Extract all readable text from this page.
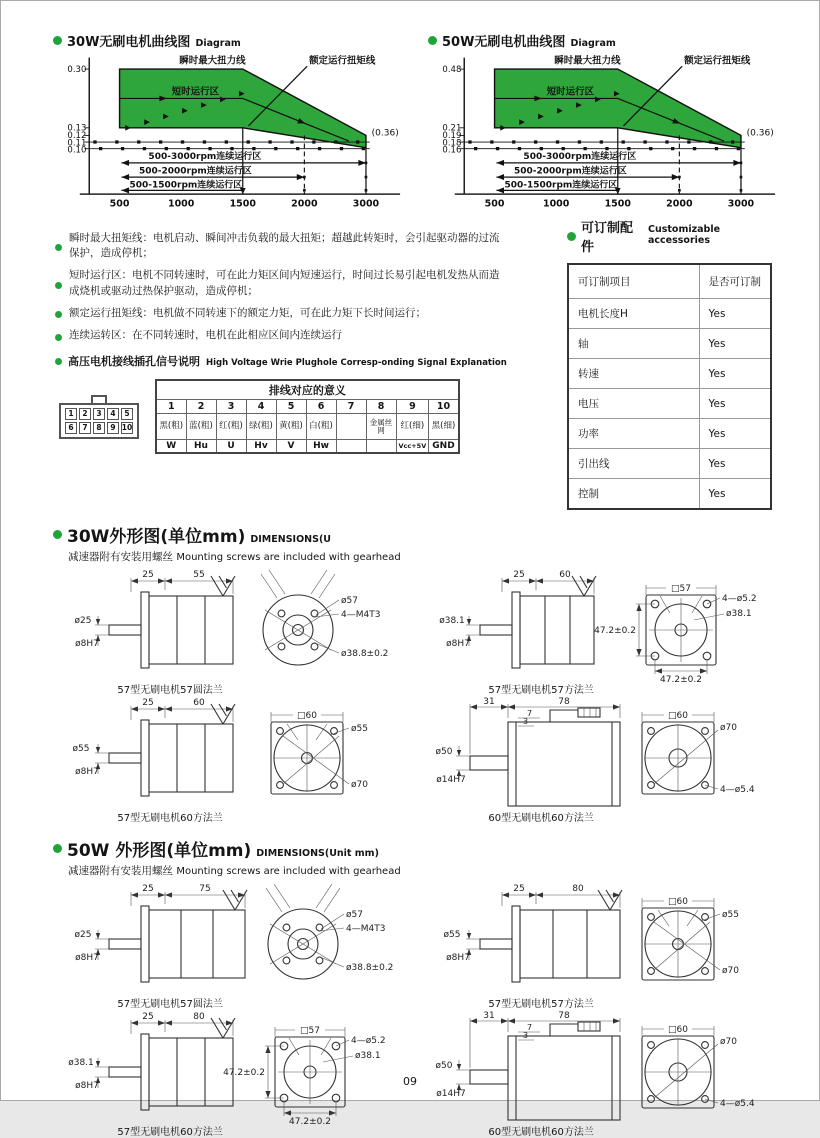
30W无刷电机曲线图 Diagram
0.30
0.13
0.12
0.11
0.10
500	1000	1500	2000	3000
瞬时最大扭力线	额定运行扭矩线
短时运行区
(0.36)
500-3000rpm连续运行区
500-2000rpm连续运行区
500-1500rpm连续运行区
50W无刷电机曲线图 Diagram
0.48
0.21
0.19
0.18
0.16
500	1000	1500	2000	3000
瞬时最大扭力线	额定运行扭矩线
短时运行区
(0.36)
500-3000rpm连续运行区
500-2000rpm连续运行区
500-1500rpm连续运行区
瞬时最大扭矩线：电机启动、瞬间冲击负载的最大扭矩；超越此转矩时，会引起驱动器的过流保护，造成停机；
短时运行区：电机不同转速时，可在此力矩区间内短速运行，时间过长易引起电机发热从而造成烧机或驱动过热保护驱动，造成停机；
额定运行扭矩线：电机做不同转速下的额定力矩，可在此力矩下长时间运行；
连续运转区：在不同转速时，电机在此相应区间内连续运行
高压电机接线插孔信号说明 High Voltage Wrie Plughole Corresp-onding Signal Explanation
1	2	3	4	5
6	7	8	9 10
排线对应的意义									
1	2	3	4	5	6	7	8	9	10
黑(粗)	蓝(粗)	红(粗)	绿(粗)	黄(粗)	白(粗)		金属丝网	红(细)	黑(细)
W	Hu	U	Hv	V	Hw			Vcc+5V	GND
可订制配件
Customizable accessories
可订制项目	是否可订制
电机长度H	Yes
轴	Yes
转速	Yes
电压	Yes
功率	Yes
引出线	Yes
控制	Yes
30W外形图(单位mm) DIMENSIONS(U
减速器附有安装用螺丝 Mounting screws are included with gearhead
25	55
ø25
ø8H7
ø57
4—M4T3
ø38.8±0.2
57型无刷电机57圆法兰
25	60
ø38.1
ø8H7
□57
4—ø5.2
ø38.1
47.2±0.2
47.2±0.2
57型无刷电机57方法兰
25	60
ø55
ø8H7
□60
ø55
ø70
57型无刷电机60方法兰
31	78
7
3
ø50
ø14H7
□60
ø70
4—ø5.4
60型无刷电机60方法兰
50W 外形图(单位mm) DIMENSIONS(Unit mm)
减速器附有安装用螺丝 Mounting screws are included with gearhead
25	75
ø25
ø8H7
ø57
4—M4T3
ø38.8±0.2
57型无刷电机57圆法兰
25	80
ø55
ø8H7
□60
ø55
ø70
57型无刷电机57方法兰
25	80
ø38.1
ø8H7
□57
4—ø5.2
ø38.1
47.2±0.2
47.2±0.2
57型无刷电机60方法兰
31	78
7
3
ø50
ø14H7
□60
ø70
4—ø5.4
60型无刷电机60方法兰
09
